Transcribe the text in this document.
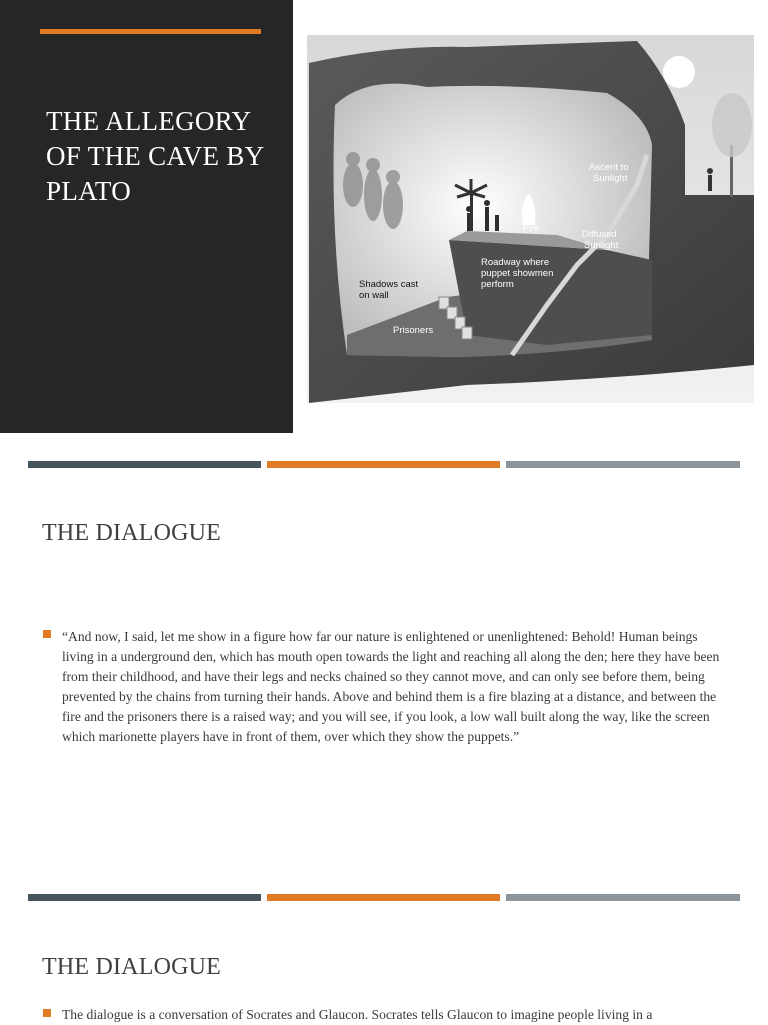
THE ALLEGORY OF THE CAVE BY PLATO
Ascent to Sunlight
Fire
Diffused Sunlight
Roadway where puppet showmen perform
Prisoners
Shadows cast on wall
THE DIALOGUE
“And now, I said, let me show in a figure how far our nature is enlightened or unenlightened: Behold! Human beings living in a underground den, which has mouth open towards the light and reaching all along the den; here they have been from their childhood, and have their legs and necks chained so they cannot move, and can only see before them, being prevented by the chains from turning their hands. Above and behind them is a fire blazing at a distance, and between the fire and the prisoners there is a raised way; and you will see, if you look, a low wall built along the way, like the screen which marionette players have in front of them, over which they show the puppets.”
THE DIALOGUE
The dialogue is a conversation of Socrates and Glaucon. Socrates tells Glaucon to imagine people living in a
